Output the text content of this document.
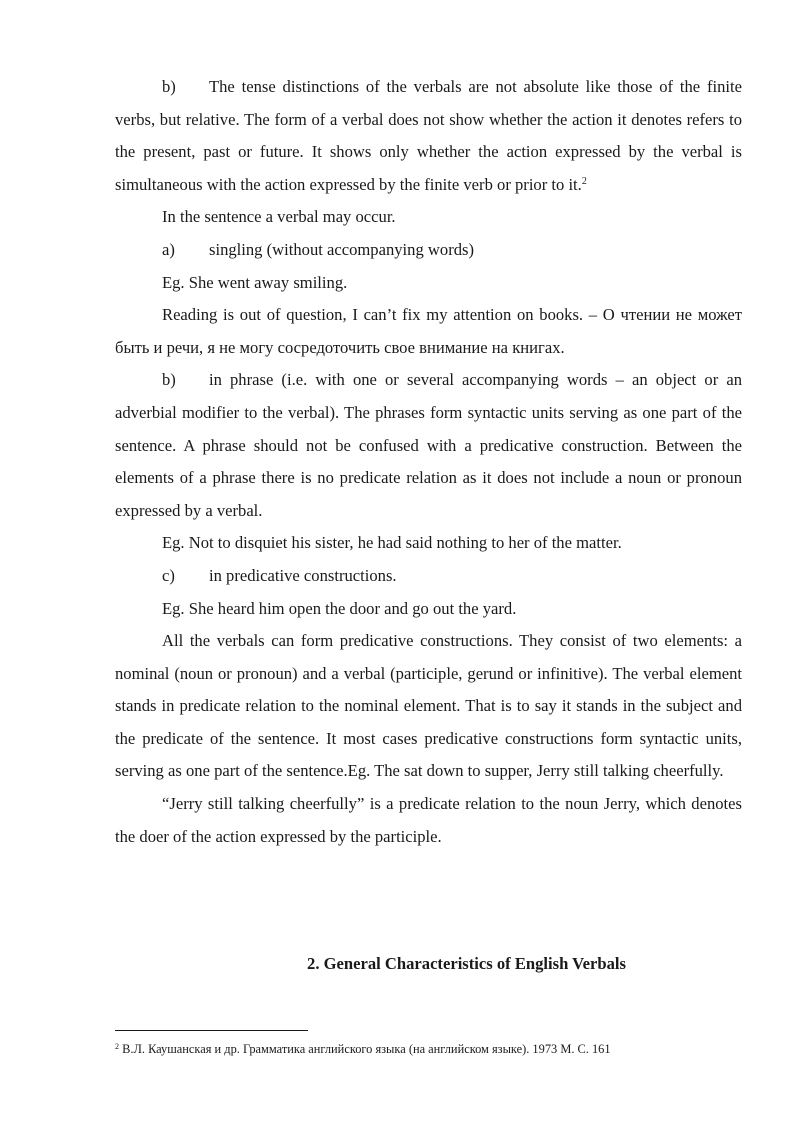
b) The tense distinctions of the verbals are not absolute like those of the finite verbs, but relative. The form of a verbal does not show whether the action it denotes refers to the present, past or future. It shows only whether the action expressed by the verbal is simultaneous with the action expressed by the finite verb or prior to it.$^2$

In the sentence a verbal may occur.

a) singling (without accompanying words)

Eg. She went away smiling.

Reading is out of question, I can’t fix my attention on books. – О чтении не может быть и речи, я не могу сосредоточить свое внимание на книгах.

b) in phrase (i.e. with one or several accompanying words – an object or an adverbial modifier to the verbal). The phrases form syntactic units serving as one part of the sentence. A phrase should not be confused with a predicative construction. Between the elements of a phrase there is no predicate relation as it does not include a noun or pronoun expressed by a verbal.

Eg. Not to disquiet his sister, he had said nothing to her of the matter.

c) in predicative constructions.

Eg. She heard him open the door and go out the yard.

All the verbals can form predicative constructions. They consist of two elements: a nominal (noun or pronoun) and a verbal (participle, gerund or infinitive). The verbal element stands in predicate relation to the nominal element. That is to say it stands in the subject and the predicate of the sentence. It most cases predicative constructions form syntactic units, serving as one part of the sentence.Eg. The sat down to supper, Jerry still talking cheerfully.

“Jerry still talking cheerfully” is a predicate relation to the noun Jerry, which denotes the doer of the action expressed by the participle.

2. General Characteristics of English Verbals
$^2$ В.Л. Каушанская и др. Грамматика английского языка (на английском языке). 1973 М. С. 161
